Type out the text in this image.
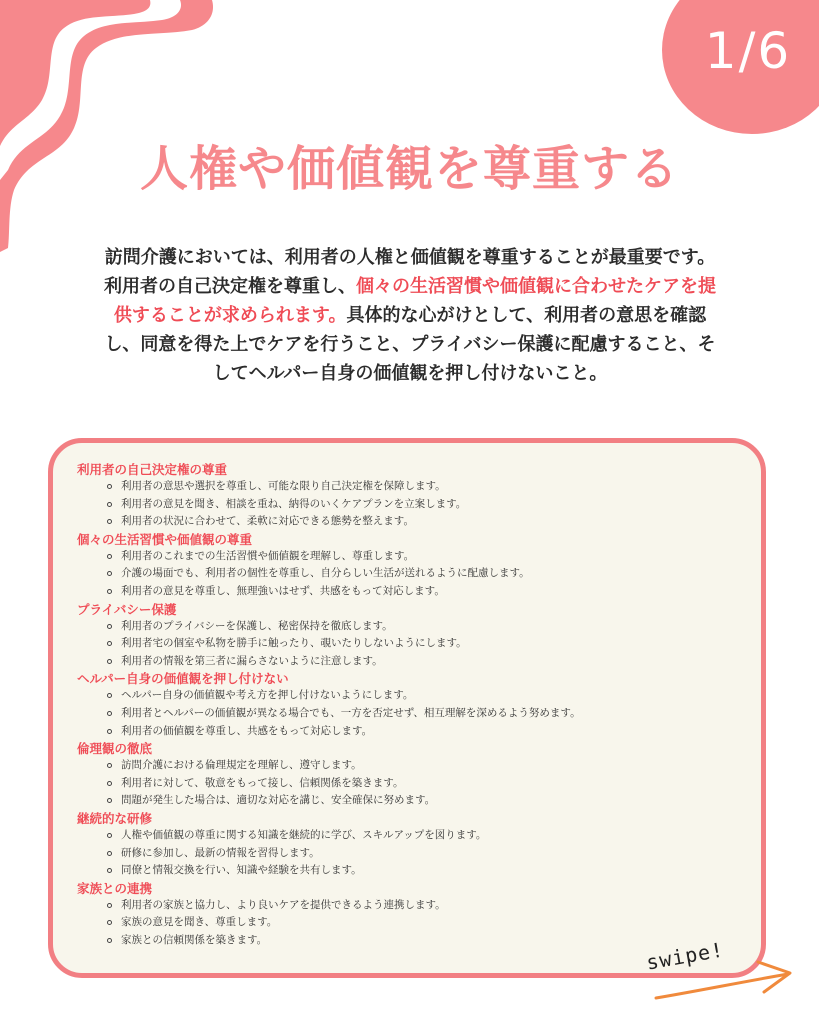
1/6
人権や価値観を尊重する

訪問介護においては、利用者の人権と価値観を尊重することが最重要です。利用者の自己決定権を尊重し、個々の生活習慣や価値観に合わせたケアを提供することが求められます。具体的な心がけとして、利用者の意思を確認し、同意を得た上でケアを行うこと、プライバシー保護に配慮すること、そしてヘルパー自身の価値観を押し付けないこと。

利用者の自己決定権の尊重
利用者の意思や選択を尊重し、可能な限り自己決定権を保障します。
利用者の意見を聞き、相談を重ね、納得のいくケアプランを立案します。
利用者の状況に合わせて、柔軟に対応できる態勢を整えます。
個々の生活習慣や価値観の尊重
利用者のこれまでの生活習慣や価値観を理解し、尊重します。
介護の場面でも、利用者の個性を尊重し、自分らしい生活が送れるように配慮します。
利用者の意見を尊重し、無理強いはせず、共感をもって対応します。
プライバシー保護
利用者のプライバシーを保護し、秘密保持を徹底します。
利用者宅の個室や私物を勝手に触ったり、覗いたりしないようにします。
利用者の情報を第三者に漏らさないように注意します。
ヘルパー自身の価値観を押し付けない
ヘルパー自身の価値観や考え方を押し付けないようにします。
利用者とヘルパーの価値観が異なる場合でも、一方を否定せず、相互理解を深めるよう努めます。
利用者の価値観を尊重し、共感をもって対応します。
倫理観の徹底
訪問介護における倫理規定を理解し、遵守します。
利用者に対して、敬意をもって接し、信頼関係を築きます。
問題が発生した場合は、適切な対応を講じ、安全確保に努めます。
継続的な研修
人権や価値観の尊重に関する知識を継続的に学び、スキルアップを図ります。
研修に参加し、最新の情報を習得します。
同僚と情報交換を行い、知識や経験を共有します。
家族との連携
利用者の家族と協力し、より良いケアを提供できるよう連携します。
家族の意見を聞き、尊重します。
家族との信頼関係を築きます。	swipe!
